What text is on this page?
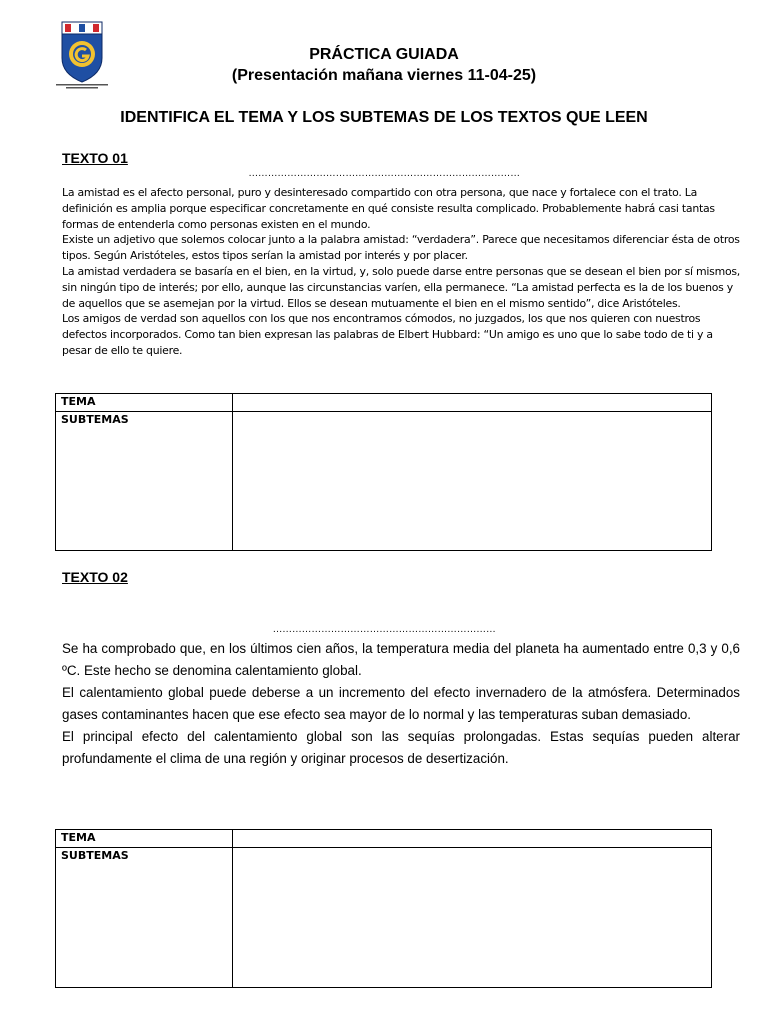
PRÁCTICA GUIADA
(Presentación mañana viernes 11-04-25)
IDENTIFICA EL TEMA Y LOS SUBTEMAS DE LOS TEXTOS QUE LEEN
TEXTO 01
…………………………………………………………………………

La amistad es el afecto personal, puro y desinteresado compartido con otra persona, que nace y fortalece con el trato. La definición es amplia porque especificar concretamente en qué consiste resulta complicado. Probablemente habrá casi tantas formas de entenderla como personas existen en el mundo.

Existe un adjetivo que solemos colocar junto a la palabra amistad: “verdadera”. Parece que necesitamos diferenciar ésta de otros tipos. Según Aristóteles, estos tipos serían la amistad por interés y por placer.

La amistad verdadera se basaría en el bien, en la virtud, y, solo puede darse entre personas que se desean el bien por sí mismos, sin ningún tipo de interés; por ello, aunque las circunstancias varíen, ella permanece. “La amistad perfecta es la de los buenos y de aquellos que se asemejan por la virtud. Ellos se desean mutuamente el bien en el mismo sentido”, dice Aristóteles.

Los amigos de verdad son aquellos con los que nos encontramos cómodos, no juzgados, los que nos quieren con nuestros defectos incorporados. Como tan bien expresan las palabras de Elbert Hubbard: “Un amigo es uno que lo sabe todo de ti y a pesar de ello te quiere.

TEMA	
SUBTEMAS	
TEXTO 02
……………………………………………………………

Se ha comprobado que, en los últimos cien años, la temperatura media del planeta ha aumentado entre 0,3 y 0,6 ºC. Este hecho se denomina calentamiento global.

El calentamiento global puede deberse a un incremento del efecto invernadero de la atmósfera. Determinados gases contaminantes hacen que ese efecto sea mayor de lo normal y las temperaturas suban demasiado.

El principal efecto del calentamiento global son las sequías prolongadas. Estas sequías pueden alterar profundamente el clima de una región y originar procesos de desertización.

TEMA	
SUBTEMAS	
